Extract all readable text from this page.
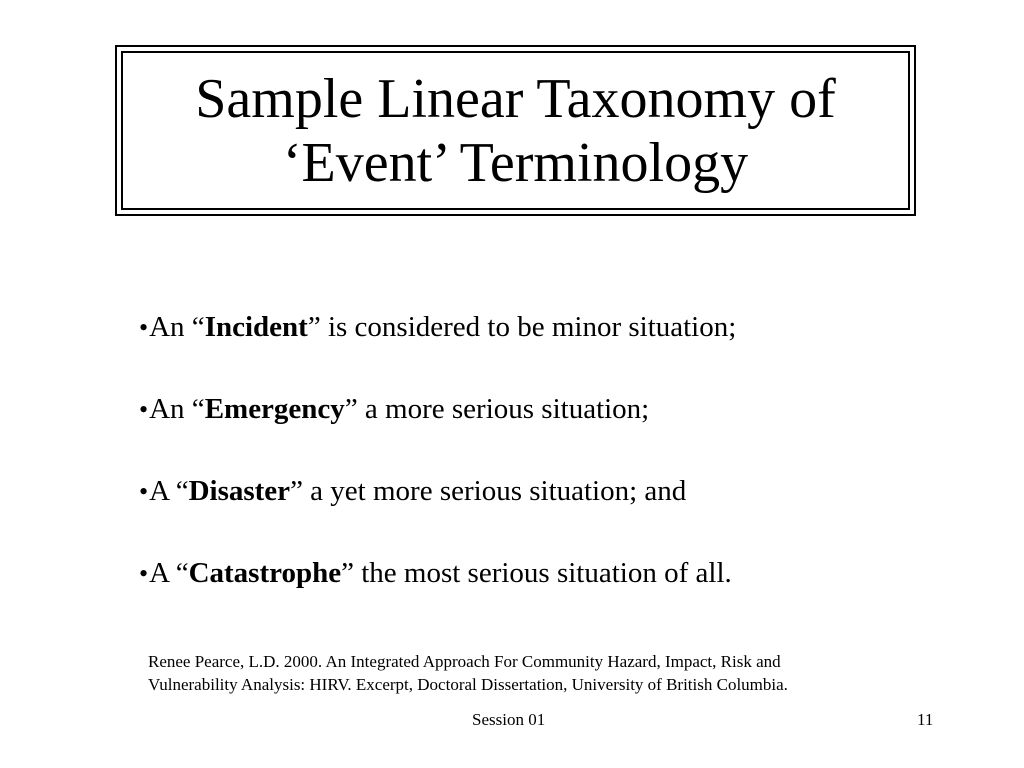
Sample Linear Taxonomy of
‘Event’ Terminology
•An “Incident” is considered to be minor situation;
•An “Emergency” a more serious situation;
•A “Disaster” a yet more serious situation; and
•A “Catastrophe” the most serious situation of all.

Renee Pearce, L.D. 2000. An Integrated Approach For Community Hazard, Impact, Risk and
Vulnerability Analysis: HIRV. Excerpt, Doctoral Dissertation, University of British Columbia.

Session 01	11
